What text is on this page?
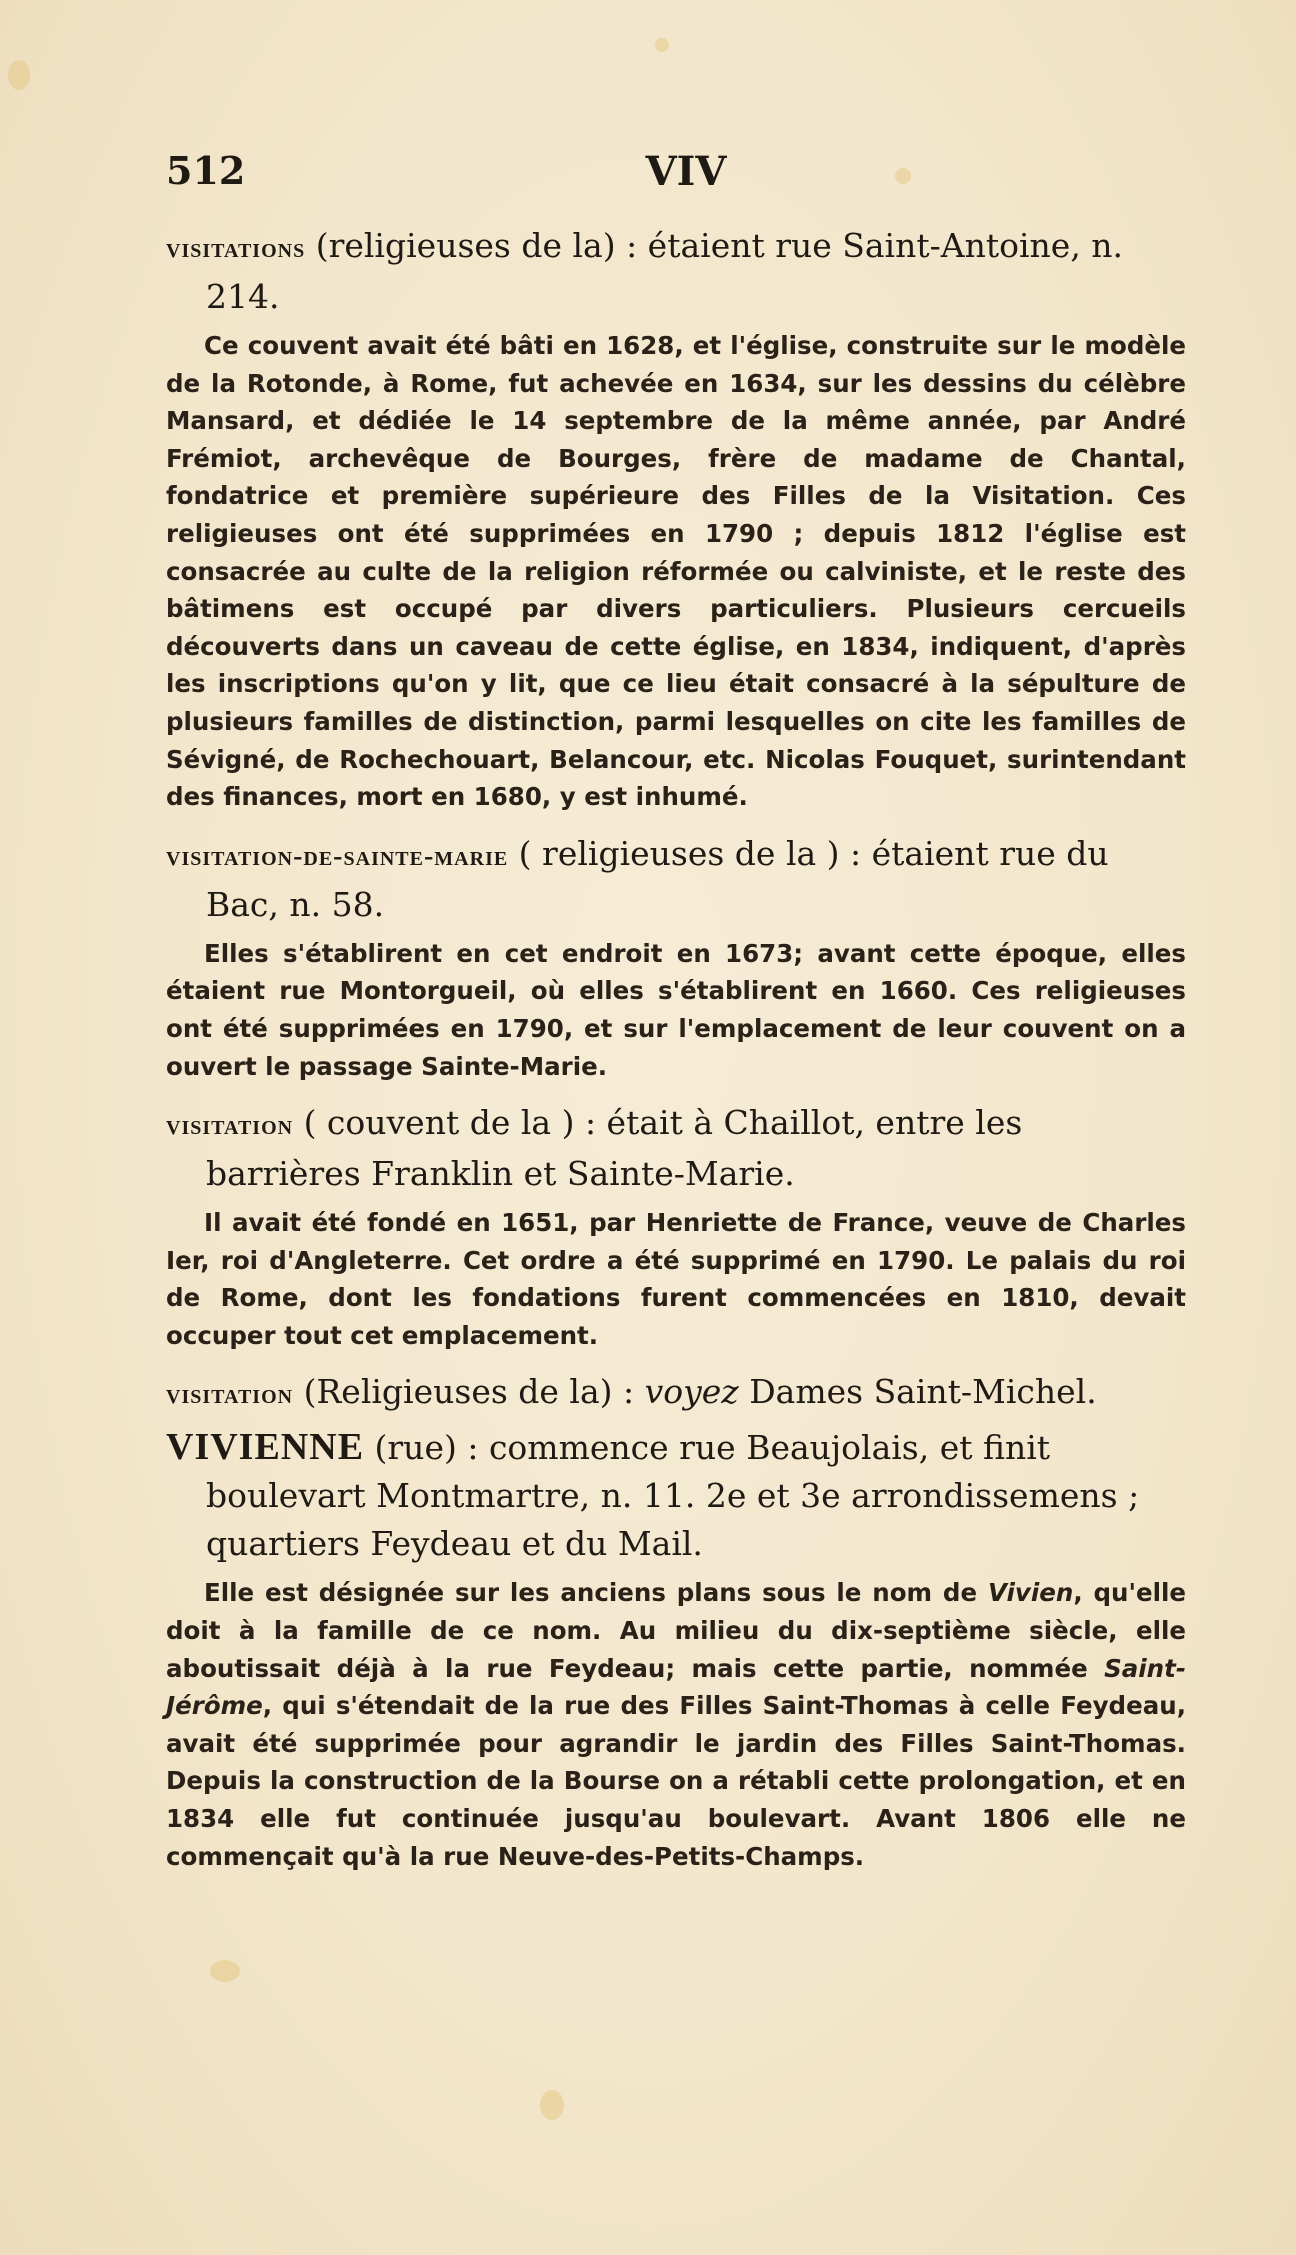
512	VIV

visitations (religieuses de la) : étaient rue Saint-Antoine, n. 214.

Ce couvent avait été bâti en 1628, et l'église, construite sur le modèle de la Rotonde, à Rome, fut achevée en 1634, sur les dessins du célèbre Mansard, et dédiée le 14 septembre de la même année, par André Frémiot, archevêque de Bourges, frère de madame de Chantal, fondatrice et première supérieure des Filles de la Visitation. Ces religieuses ont été supprimées en 1790 ; depuis 1812 l'église est consacrée au culte de la religion réformée ou calviniste, et le reste des bâtimens est occupé par divers particuliers. Plusieurs cercueils découverts dans un caveau de cette église, en 1834, indiquent, d'après les inscriptions qu'on y lit, que ce lieu était consacré à la sépulture de plusieurs familles de distinction, parmi lesquelles on cite les familles de Sévigné, de Rochechouart, Belancour, etc. Nicolas Fouquet, surintendant des finances, mort en 1680, y est inhumé.

visitation-de-sainte-marie ( religieuses de la ) : étaient rue du Bac, n. 58.

Elles s'établirent en cet endroit en 1673; avant cette époque, elles étaient rue Montorgueil, où elles s'établirent en 1660. Ces religieuses ont été supprimées en 1790, et sur l'emplacement de leur couvent on a ouvert le passage Sainte-Marie.

visitation ( couvent de la ) : était à Chaillot, entre les barrières Franklin et Sainte-Marie.

Il avait été fondé en 1651, par Henriette de France, veuve de Charles Ier, roi d'Angleterre. Cet ordre a été supprimé en 1790. Le palais du roi de Rome, dont les fondations furent commencées en 1810, devait occuper tout cet emplacement.

visitation (Religieuses de la) : voyez Dames Saint-Michel.

VIVIENNE (rue) : commence rue Beaujolais, et finit boulevart Montmartre, n. 11. 2e et 3e arrondissemens ; quartiers Feydeau et du Mail.

Elle est désignée sur les anciens plans sous le nom de Vivien, qu'elle doit à la famille de ce nom. Au milieu du dix-septième siècle, elle aboutissait déjà à la rue Feydeau; mais cette partie, nommée Saint-Jérôme, qui s'étendait de la rue des Filles Saint-Thomas à celle Feydeau, avait été supprimée pour agrandir le jardin des Filles Saint-Thomas. Depuis la construction de la Bourse on a rétabli cette prolongation, et en 1834 elle fut continuée jusqu'au boulevart. Avant 1806 elle ne commençait qu'à la rue Neuve-des-Petits-Champs.
